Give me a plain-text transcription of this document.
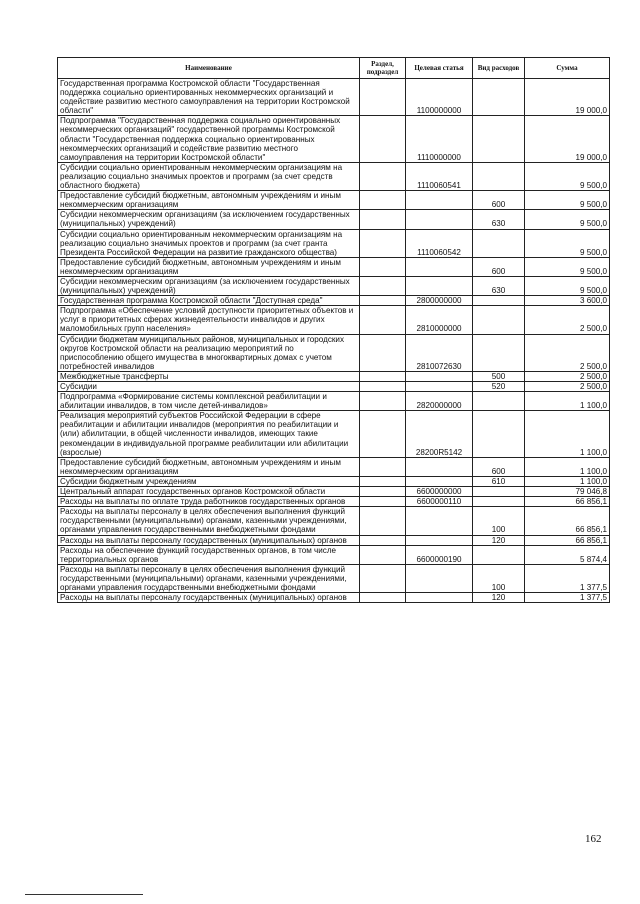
Наименование	Раздел, подраздел	Целевая статья	Вид расходов	Сумма
Государственная программа Костромской области "Государственная поддержка социально ориентированных некоммерческих организаций и содействие развитию местного самоуправления на территории Костромской области"		1100000000		19 000,0
Подпрограмма "Государственная поддержка социально ориентированных некоммерческих организаций" государственной программы Костромской области "Государственная поддержка социально ориентированных некоммерческих организаций и содействие развитию местного самоуправления на территории Костромской области"		1110000000		19 000,0
Субсидии социально ориентированным некоммерческим организациям на реализацию социально значимых проектов и программ (за счет средств областного бюджета)		1110060541		9 500,0
Предоставление субсидий бюджетным, автономным учреждениям и иным некоммерческим организациям			600	9 500,0
Субсидии некоммерческим организациям (за исключением государственных (муниципальных) учреждений)			630	9 500,0
Субсидии социально ориентированным некоммерческим организациям на реализацию социально значимых проектов и программ (за счет гранта Президента Российской Федерации на развитие гражданского общества)		1110060542		9 500,0
Предоставление субсидий бюджетным, автономным учреждениям и иным некоммерческим организациям			600	9 500,0
Субсидии некоммерческим организациям (за исключением государственных (муниципальных) учреждений)			630	9 500,0
Государственная программа Костромской области "Доступная среда"		2800000000		3 600,0
Подпрограмма «Обеспечение условий доступности приоритетных объектов и услуг в приоритетных сферах жизнедеятельности инвалидов и других маломобильных групп населения»		2810000000		2 500,0
Субсидии бюджетам муниципальных районов, муниципальных и городских округов Костромской области на реализацию мероприятий по приспособлению общего имущества в многоквартирных домах с учетом потребностей инвалидов		2810072630		2 500,0
Межбюджетные трансферты			500	2 500,0
Субсидии			520	2 500,0
Подпрограмма «Формирование системы комплексной реабилитации и абилитации инвалидов, в том числе детей-инвалидов»		2820000000		1 100,0
Реализация мероприятий субъектов Российской Федерации в сфере реабилитации и абилитации инвалидов (мероприятия по реабилитации и (или) абилитации, в общей численности инвалидов, имеющих такие рекомендации в индивидуальной программе реабилитации или абилитации (взрослые)		28200R5142		1 100,0
Предоставление субсидий бюджетным, автономным учреждениям и иным некоммерческим организациям			600	1 100,0
Субсидии бюджетным учреждениям			610	1 100,0
Центральный аппарат государственных органов Костромской области		6600000000		79 046,8
Расходы на выплаты по оплате труда работников государственных органов		6600000110		66 856,1
Расходы на выплаты персоналу в целях обеспечения выполнения функций государственными (муниципальными) органами, казенными учреждениями, органами управления государственными внебюджетными фондами			100	66 856,1
Расходы на выплаты персоналу государственных (муниципальных) органов			120	66 856,1
Расходы на обеспечение функций государственных органов, в том числе территориальных органов		6600000190		5 874,4
Расходы на выплаты персоналу в целях обеспечения выполнения функций государственными (муниципальными) органами, казенными учреждениями, органами управления государственными внебюджетными фондами			100	1 377,5
Расходы на выплаты персоналу государственных (муниципальных) органов			120	1 377,5
162
